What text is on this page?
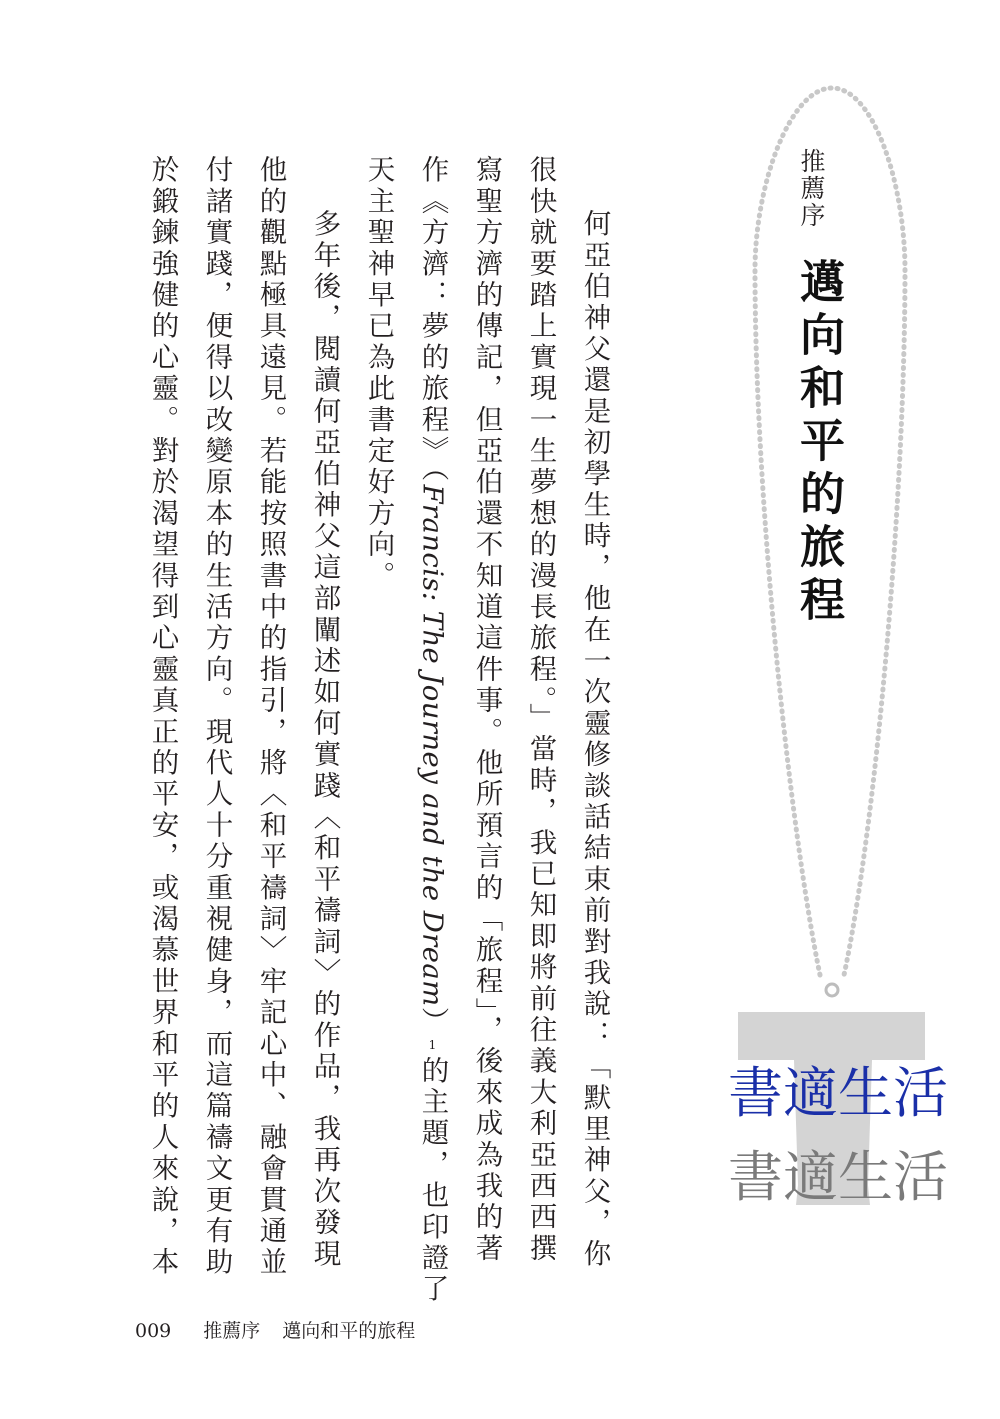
何亞伯神父還是初學生時，他在一次靈修談話結束前對我說：「默里神父，你
很快就要踏上實現一生夢想的漫長旅程。」當時，我已知即將前往義大利亞西西撰
寫聖方濟的傳記，但亞伯還不知道這件事。他所預言的「旅程」，後來成為我的著
作《方濟：夢的旅程》（Francis: The Journey and the Dream）1的主題，也印證了
天主聖神早已為此書定好方向。
多年後，閱讀何亞伯神父這部闡述如何實踐〈和平禱詞〉的作品，我再次發現
他的觀點極具遠見。若能按照書中的指引，將〈和平禱詞〉牢記心中、融會貫通並
付諸實踐，便得以改變原本的生活方向。現代人十分重視健身，而這篇禱文更有助
於鍛鍊強健的心靈。對於渴望得到心靈真正的平安，或渴慕世界和平的人來說，本	推薦序
邁向和平的旅程
書適生活
書適生活
009 推薦序 邁向和平的旅程
